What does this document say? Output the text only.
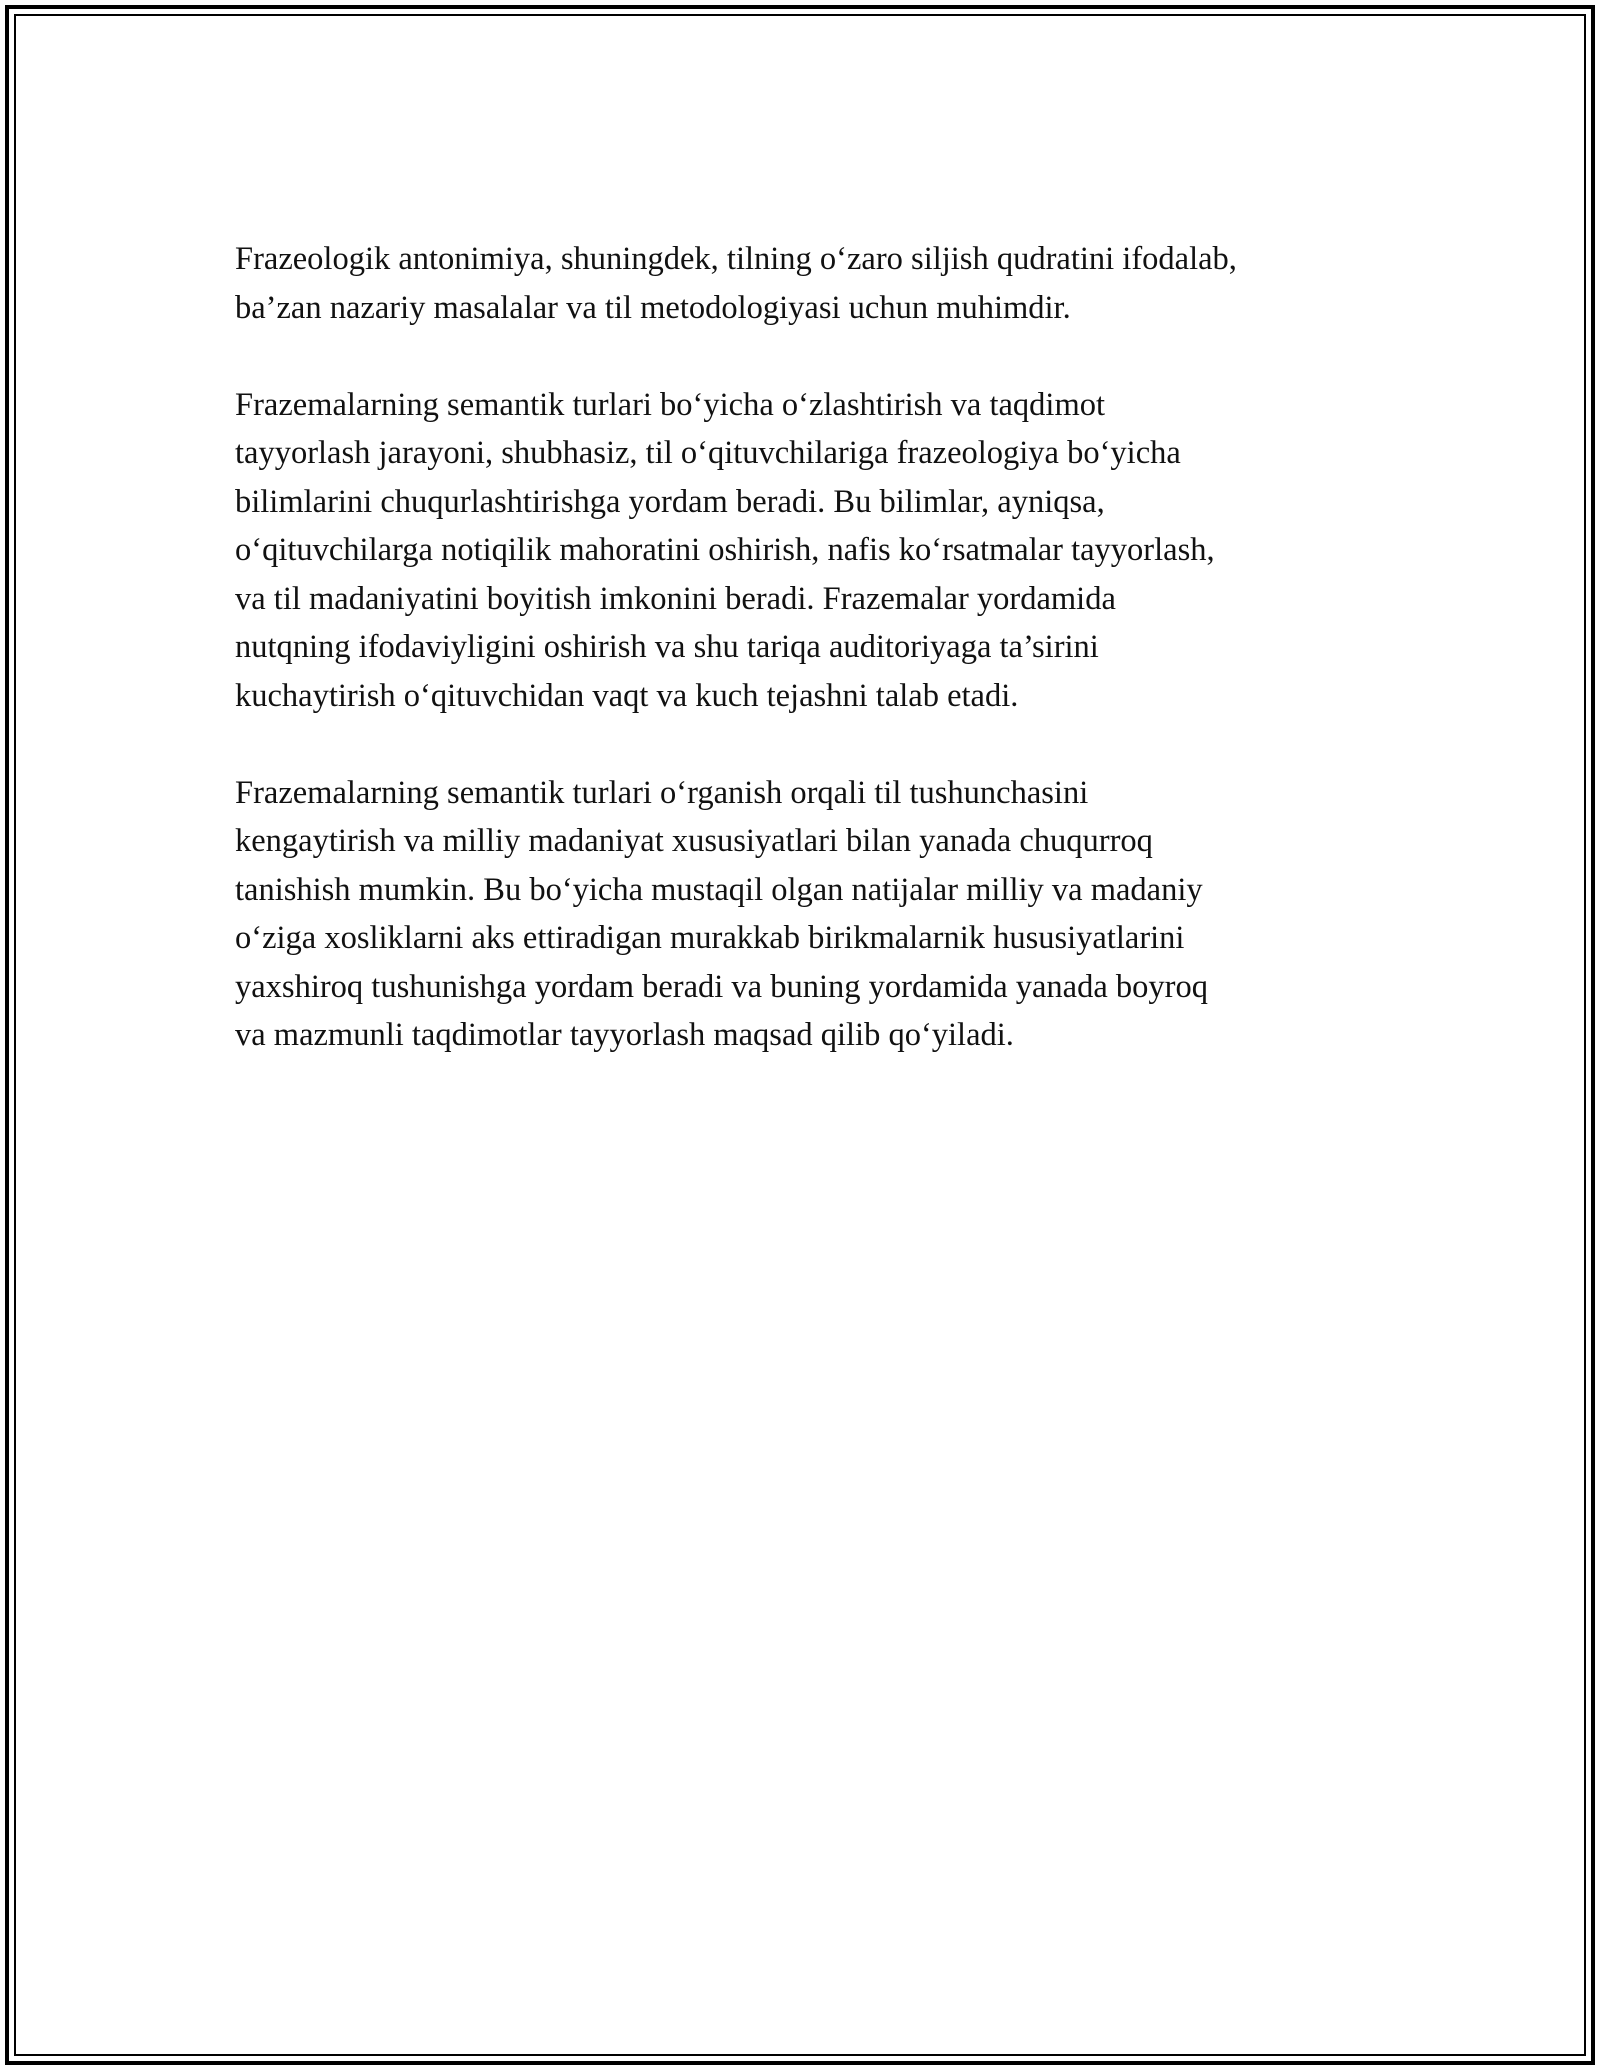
Frazeologik antonimiya, shuningdek, tilning o‘zaro siljish qudratini ifodalab,
ba’zan nazariy masalalar va til metodologiyasi uchun muhimdir.

Frazemalarning semantik turlari bo‘yicha o‘zlashtirish va taqdimot
tayyorlash jarayoni, shubhasiz, til o‘qituvchilariga frazeologiya bo‘yicha
bilimlarini chuqurlashtirishga yordam beradi. Bu bilimlar, ayniqsa,
o‘qituvchilarga notiqilik mahoratini oshirish, nafis ko‘rsatmalar tayyorlash,
va til madaniyatini boyitish imkonini beradi. Frazemalar yordamida
nutqning ifodaviyligini oshirish va shu tariqa auditoriyaga ta’sirini
kuchaytirish o‘qituvchidan vaqt va kuch tejashni talab etadi.

Frazemalarning semantik turlari o‘rganish orqali til tushunchasini
kengaytirish va milliy madaniyat xususiyatlari bilan yanada chuqurroq
tanishish mumkin. Bu bo‘yicha mustaqil olgan natijalar milliy va madaniy
o‘ziga xosliklarni aks ettiradigan murakkab birikmalarnik hususiyatlarini
yaxshiroq tushunishga yordam beradi va buning yordamida yanada boyroq
va mazmunli taqdimotlar tayyorlash maqsad qilib qo‘yiladi.
